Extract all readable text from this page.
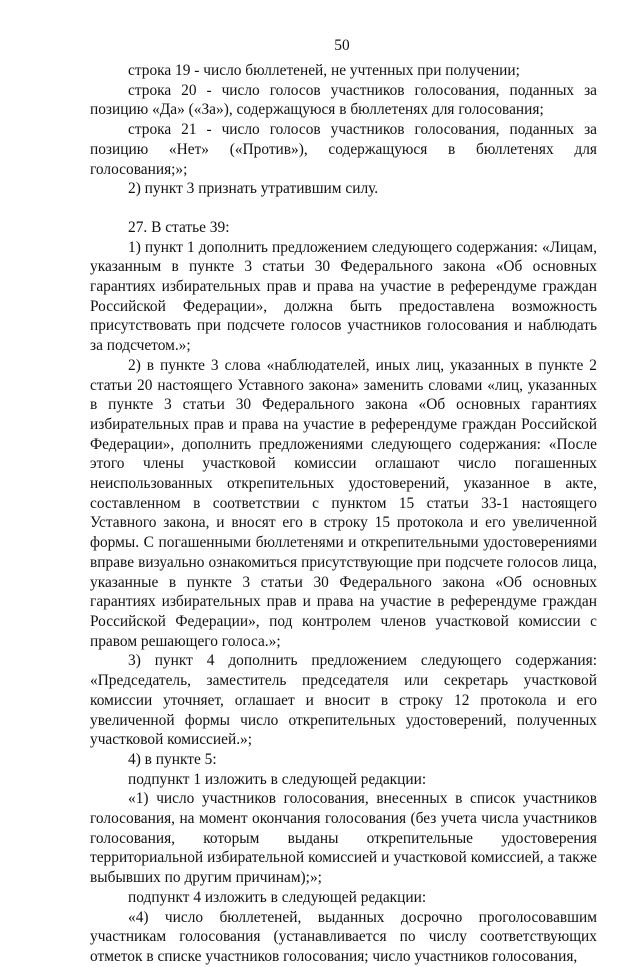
50

строка 19 - число бюллетеней, не учтенных при получении;

строка 20 - число голосов участников голосования, поданных за позицию «Да» («За»), содержащуюся в бюллетенях для голосования;

строка 21 - число голосов участников голосования, поданных за позицию «Нет» («Против»), содержащуюся в бюллетенях для голосования;»;

2) пункт 3 признать утратившим силу.

27. В статье 39:

1) пункт 1 дополнить предложением следующего содержания: «Лицам, указанным в пункте 3 статьи 30 Федерального закона «Об основных гарантиях избирательных прав и права на участие в референдуме граждан Российской Федерации», должна быть предоставлена возможность присутствовать при подсчете голосов участников голосования и наблюдать за подсчетом.»;

2) в пункте 3 слова «наблюдателей, иных лиц, указанных в пункте 2 статьи 20 настоящего Уставного закона» заменить словами «лиц, указанных в пункте 3 статьи 30 Федерального закона «Об основных гарантиях избирательных прав и права на участие в референдуме граждан Российской Федерации», дополнить предложениями следующего содержания: «После этого члены участковой комиссии оглашают число погашенных неиспользованных открепительных удостоверений, указанное в акте, составленном в соответствии с пунктом 15 статьи 33-1 настоящего Уставного закона, и вносят его в строку 15 протокола и его увеличенной формы. С погашенными бюллетенями и открепительными удостоверениями вправе визуально ознакомиться присутствующие при подсчете голосов лица, указанные в пункте 3 статьи 30 Федерального закона «Об основных гарантиях избирательных прав и права на участие в референдуме граждан Российской Федерации», под контролем членов участковой комиссии с правом решающего голоса.»;

3) пункт 4 дополнить предложением следующего содержания: «Председатель, заместитель председателя или секретарь участковой комиссии уточняет, оглашает и вносит в строку 12 протокола и его увеличенной формы число открепительных удостоверений, полученных участковой комиссией.»;

4) в пункте 5:

подпункт 1 изложить в следующей редакции:

«1) число участников голосования, внесенных в список участников голосования, на момент окончания голосования (без учета числа участников голосования, которым выданы открепительные удостоверения территориальной избирательной комиссией и участковой комиссией, а также выбывших по другим причинам);»;

подпункт 4 изложить в следующей редакции:

«4) число бюллетеней, выданных досрочно проголосовавшим участникам голосования (устанавливается по числу соответствующих отметок в списке участников голосования; число участников голосования,
